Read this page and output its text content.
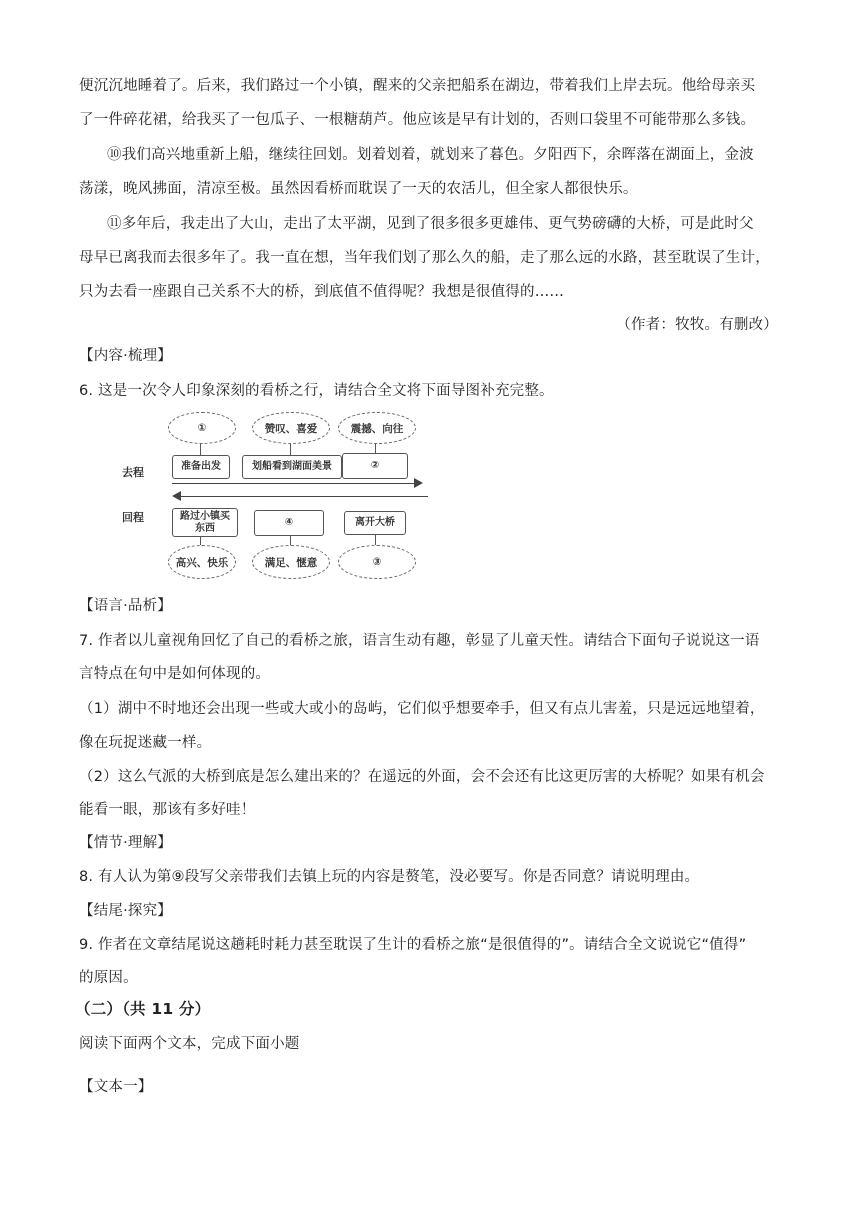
便沉沉地睡着了。后来，我们路过一个小镇，醒来的父亲把船系在湖边，带着我们上岸去玩。他给母亲买
了一件碎花裙，给我买了一包瓜子、一根糖葫芦。他应该是早有计划的，否则口袋里不可能带那么多钱。
⑩我们高兴地重新上船，继续往回划。划着划着，就划来了暮色。夕阳西下，余晖落在湖面上，金波
荡漾，晚风拂面，清凉至极。虽然因看桥而耽误了一天的农活儿，但全家人都很快乐。
⑪多年后，我走出了大山，走出了太平湖，见到了很多很多更雄伟、更气势磅礴的大桥，可是此时父
母早已离我而去很多年了。我一直在想，当年我们划了那么久的船，走了那么远的水路，甚至耽误了生计，
只为去看一座跟自己关系不大的桥，到底值不值得呢？我想是很值得的……
（作者：牧牧。有删改）
【内容·梳理】
6. 这是一次令人印象深刻的看桥之行，请结合全文将下面导图补充完整。
去程
回程
①	赞叹、喜爱	震撼、向往
准备出发	划船看到湖面美景	②
路过小镇买东西	④	离开大桥
高兴、快乐	满足、惬意	③
【语言·品析】
7. 作者以儿童视角回忆了自己的看桥之旅，语言生动有趣，彰显了儿童天性。请结合下面句子说说这一语
言特点在句中是如何体现的。
（1）湖中不时地还会出现一些或大或小的岛屿，它们似乎想要牵手，但又有点儿害羞，只是远远地望着，
像在玩捉迷藏一样。
（2）这么气派的大桥到底是怎么建出来的？在遥远的外面，会不会还有比这更厉害的大桥呢？如果有机会
能看一眼，那该有多好哇！
【情节·理解】
8. 有人认为第⑨段写父亲带我们去镇上玩的内容是赘笔，没必要写。你是否同意？请说明理由。
【结尾·探究】
9. 作者在文章结尾说这趟耗时耗力甚至耽误了生计的看桥之旅“是很值得的”。请结合全文说说它“值得”
的原因。
（二）（共 11 分）
阅读下面两个文本，完成下面小题
【文本一】
